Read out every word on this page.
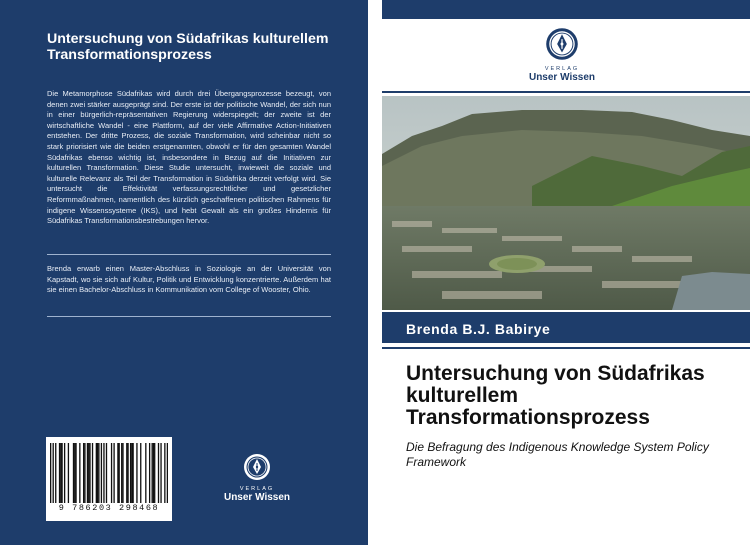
Untersuchung von Südafrikas kulturellem Transformationsprozess
Die Metamorphose Südafrikas wird durch drei Übergangsprozesse bezeugt, von denen zwei stärker ausgeprägt sind. Der erste ist der politische Wandel, der sich nun in einer bürgerlich-repräsentativen Regierung widerspiegelt; der zweite ist der wirtschaftliche Wandel - eine Plattform, auf der viele Affirmative Action-Initiativen entstehen. Der dritte Prozess, die soziale Transformation, wird scheinbar nicht so stark priorisiert wie die beiden erstgenannten, obwohl er für den gesamten Wandel Südafrikas ebenso wichtig ist, insbesondere in Bezug auf die Initiativen zur kulturellen Transformation. Diese Studie untersucht, inwieweit die soziale und kulturelle Relevanz als Teil der Transformation in Südafrika derzeit verfolgt wird. Sie untersucht die Effektivität verfassungsrechtlicher und gesetzlicher Reformmaßnahmen, namentlich des kürzlich geschaffenen politischen Rahmens für indigene Wissenssysteme (IKS), und hebt Gewalt als ein großes Hindernis für Südafrikas Transformationsbestrebungen hervor.
Brenda erwarb einen Master-Abschluss in Soziologie an der Universität von Kapstadt, wo sie sich auf Kultur, Politik und Entwicklung konzentrierte. Außerdem hat sie einen Bachelor-Abschluss in Kommunikation vom College of Wooster, Ohio.
9 786203 298468
VERLAG
Unser Wissen
VERLAG
Unser Wissen
Brenda B.J. Babirye
Untersuchung von Südafrikas kulturellem Transformationsprozess
Die Befragung des Indigenous Knowledge System Policy Framework
